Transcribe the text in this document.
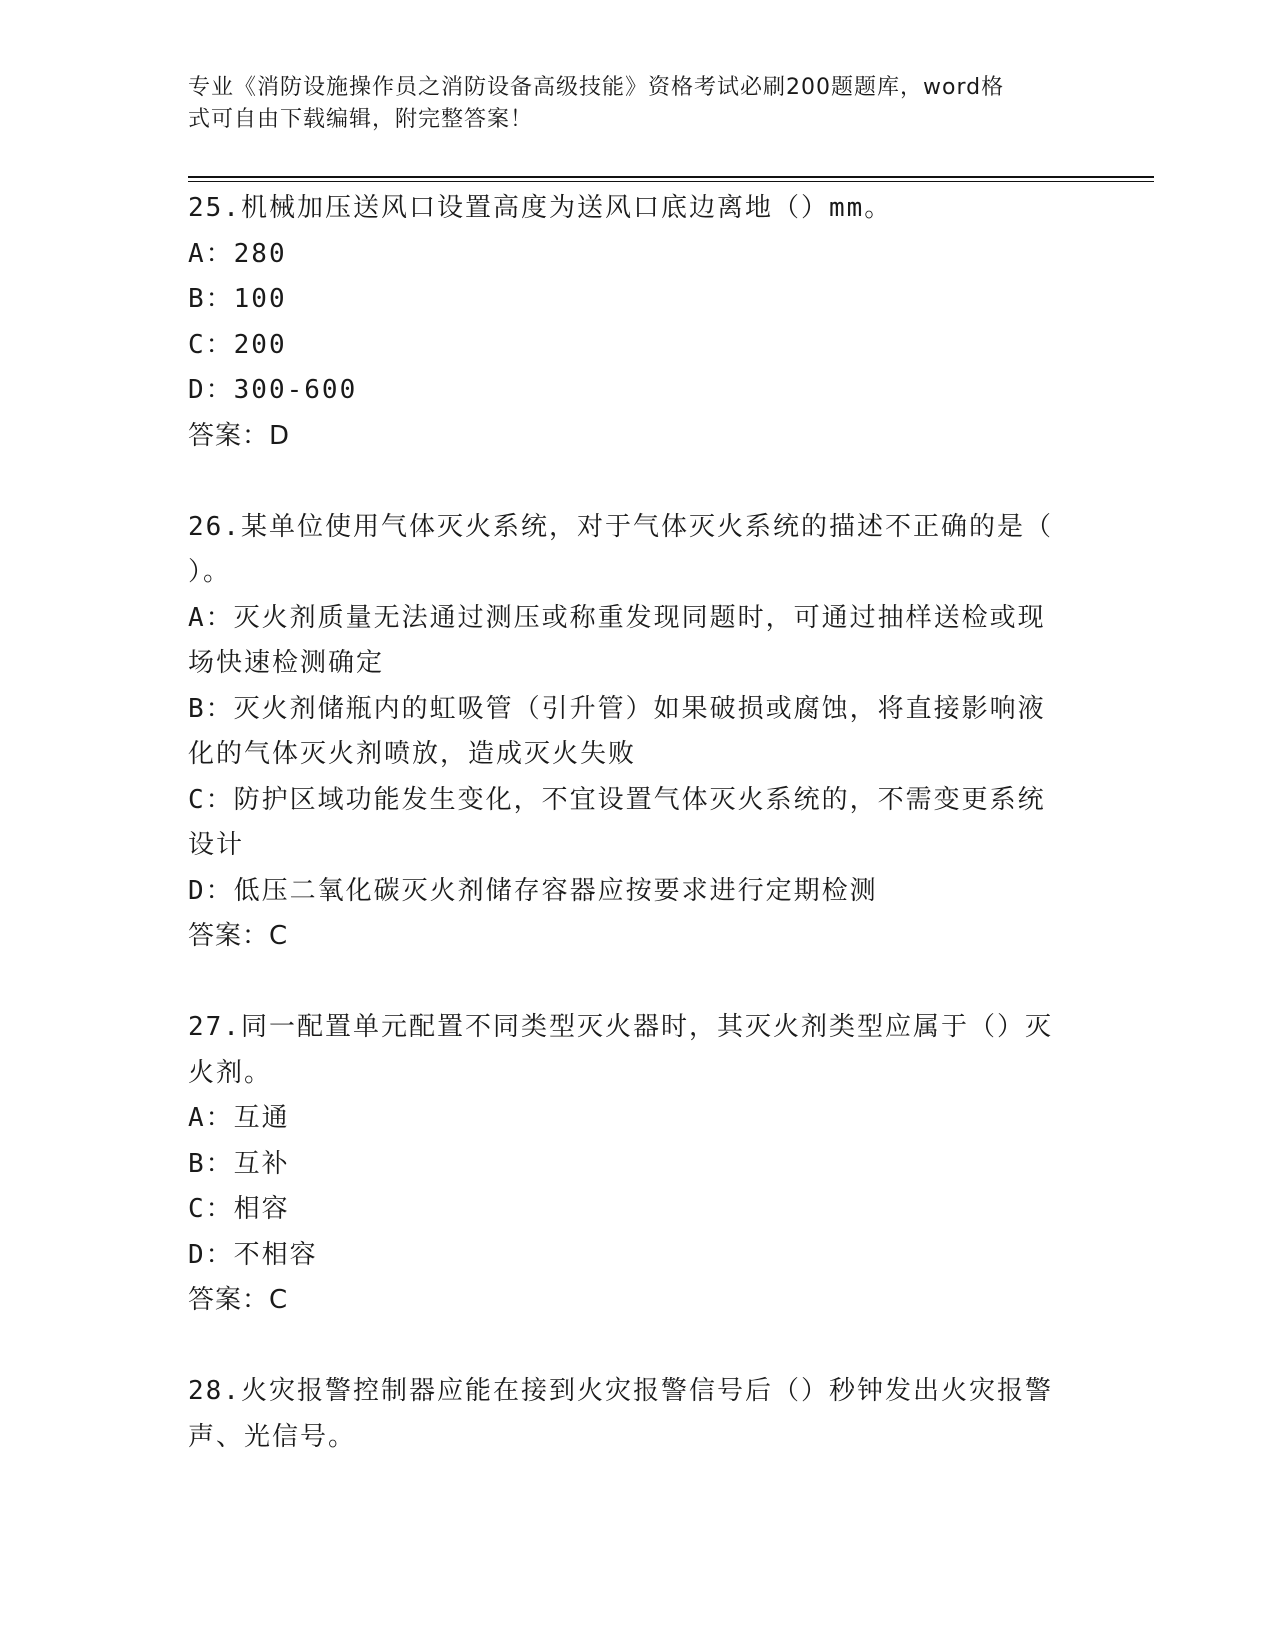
专业《消防设施操作员之消防设备高级技能》资格考试必刷200题题库，word格
式可自由下载编辑，附完整答案！
25.机械加压送风口设置高度为送风口底边离地（）mm。
A：280
B：100
C：200
D：300-600
答案：D
26.某单位使用气体灭火系统，对于气体灭火系统的描述不正确的是（
）。
A：灭火剂质量无法通过测压或称重发现同题时，可通过抽样送检或现
场快速检测确定
B：灭火剂储瓶内的虹吸管（引升管）如果破损或腐蚀，将直接影响液
化的气体灭火剂喷放，造成灭火失败
C：防护区域功能发生变化，不宜设置气体灭火系统的，不需变更系统
设计
D：低压二氧化碳灭火剂储存容器应按要求进行定期检测
答案：C
27.同一配置单元配置不同类型灭火器时，其灭火剂类型应属于（）灭
火剂。
A：互通
B：互补
C：相容
D：不相容
答案：C
28.火灾报警控制器应能在接到火灾报警信号后（）秒钟发出火灾报警
声、光信号。
